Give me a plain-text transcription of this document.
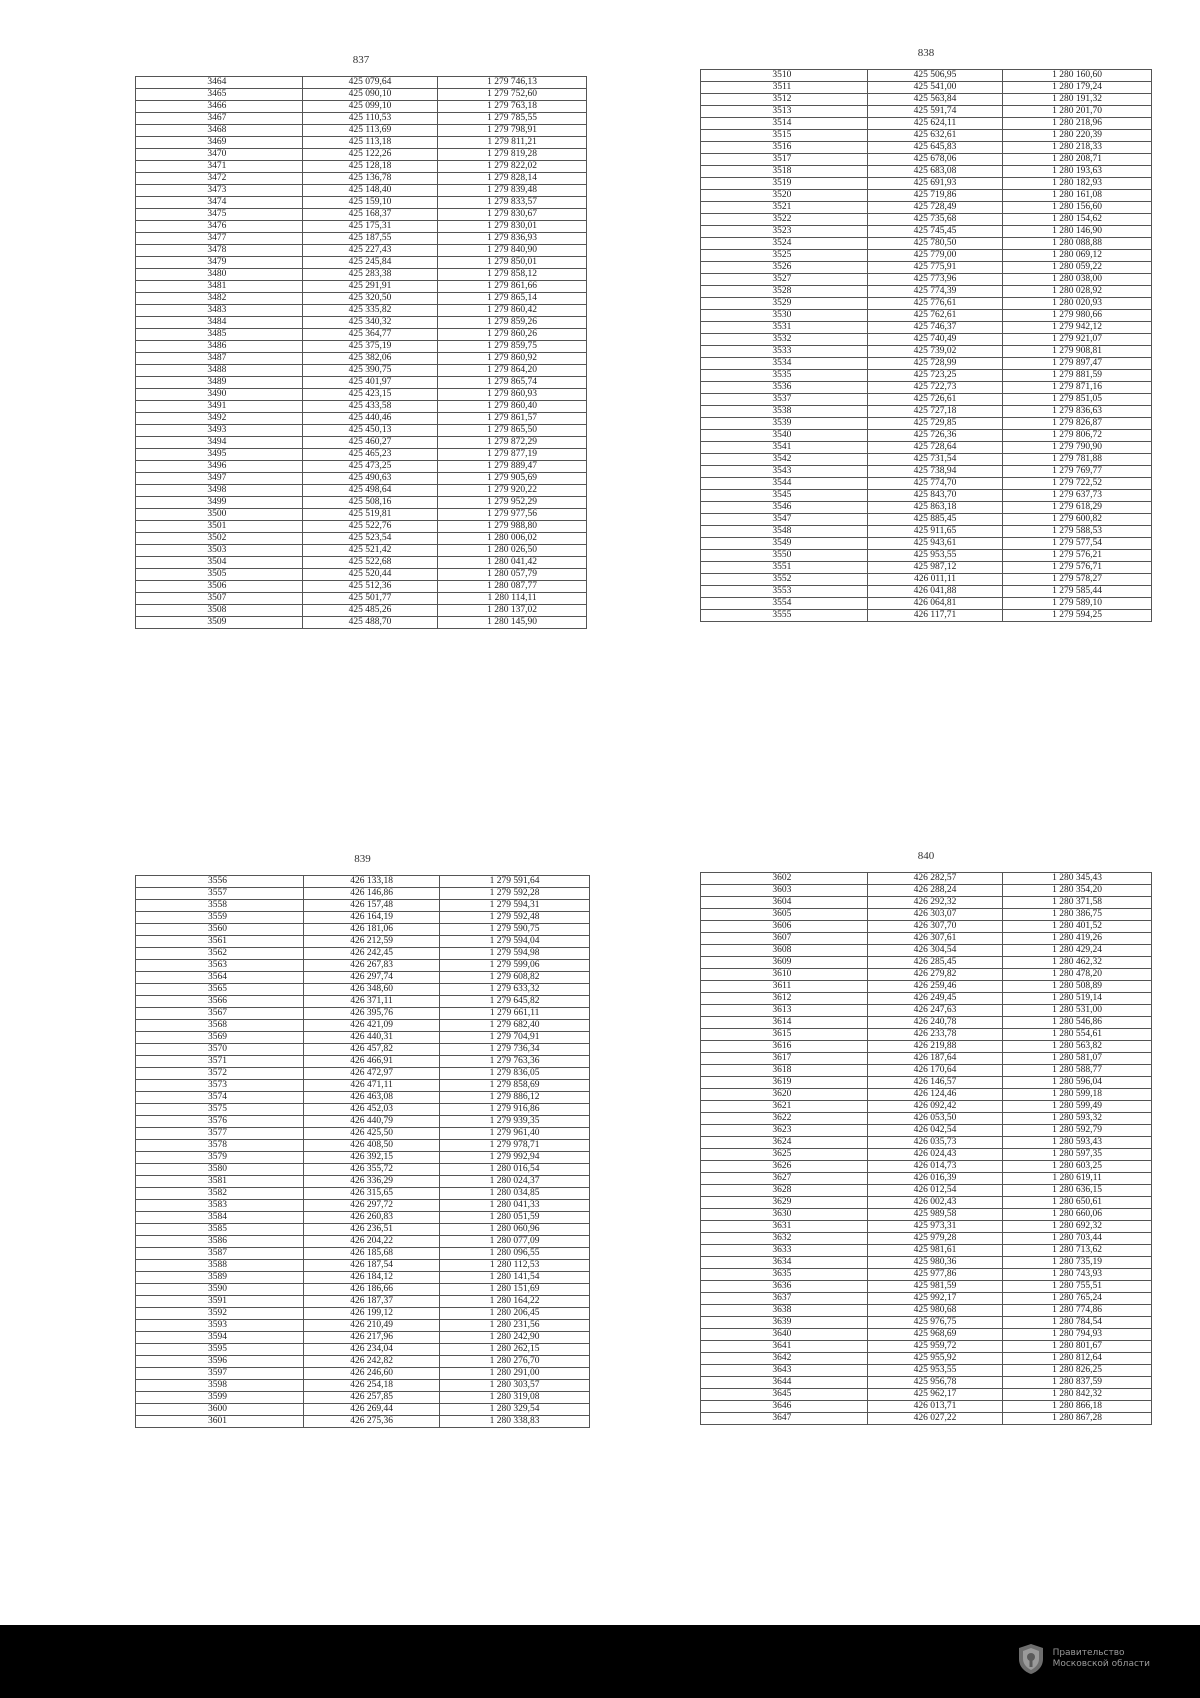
837
3464	425 079,64	1 279 746,13
3465	425 090,10	1 279 752,60
3466	425 099,10	1 279 763,18
3467	425 110,53	1 279 785,55
3468	425 113,69	1 279 798,91
3469	425 113,18	1 279 811,21
3470	425 122,26	1 279 819,28
3471	425 128,18	1 279 822,02
3472	425 136,78	1 279 828,14
3473	425 148,40	1 279 839,48
3474	425 159,10	1 279 833,57
3475	425 168,37	1 279 830,67
3476	425 175,31	1 279 830,01
3477	425 187,55	1 279 836,93
3478	425 227,43	1 279 840,90
3479	425 245,84	1 279 850,01
3480	425 283,38	1 279 858,12
3481	425 291,91	1 279 861,66
3482	425 320,50	1 279 865,14
3483	425 335,82	1 279 860,42
3484	425 340,32	1 279 859,26
3485	425 364,77	1 279 860,26
3486	425 375,19	1 279 859,75
3487	425 382,06	1 279 860,92
3488	425 390,75	1 279 864,20
3489	425 401,97	1 279 865,74
3490	425 423,15	1 279 860,93
3491	425 433,58	1 279 860,40
3492	425 440,46	1 279 861,57
3493	425 450,13	1 279 865,50
3494	425 460,27	1 279 872,29
3495	425 465,23	1 279 877,19
3496	425 473,25	1 279 889,47
3497	425 490,63	1 279 905,69
3498	425 498,64	1 279 920,22
3499	425 508,16	1 279 952,29
3500	425 519,81	1 279 977,56
3501	425 522,76	1 279 988,80
3502	425 523,54	1 280 006,02
3503	425 521,42	1 280 026,50
3504	425 522,68	1 280 041,42
3505	425 520,44	1 280 057,79
3506	425 512,36	1 280 087,77
3507	425 501,77	1 280 114,11
3508	425 485,26	1 280 137,02
3509	425 488,70	1 280 145,90
838
3510	425 506,95	1 280 160,60
3511	425 541,00	1 280 179,24
3512	425 563,84	1 280 191,32
3513	425 591,74	1 280 201,70
3514	425 624,11	1 280 218,96
3515	425 632,61	1 280 220,39
3516	425 645,83	1 280 218,33
3517	425 678,06	1 280 208,71
3518	425 683,08	1 280 193,63
3519	425 691,93	1 280 182,93
3520	425 719,86	1 280 161,08
3521	425 728,49	1 280 156,60
3522	425 735,68	1 280 154,62
3523	425 745,45	1 280 146,90
3524	425 780,50	1 280 088,88
3525	425 779,00	1 280 069,12
3526	425 775,91	1 280 059,22
3527	425 773,96	1 280 038,00
3528	425 774,39	1 280 028,92
3529	425 776,61	1 280 020,93
3530	425 762,61	1 279 980,66
3531	425 746,37	1 279 942,12
3532	425 740,49	1 279 921,07
3533	425 739,02	1 279 908,81
3534	425 728,99	1 279 897,47
3535	425 723,25	1 279 881,59
3536	425 722,73	1 279 871,16
3537	425 726,61	1 279 851,05
3538	425 727,18	1 279 836,63
3539	425 729,85	1 279 826,87
3540	425 726,36	1 279 806,72
3541	425 728,64	1 279 790,90
3542	425 731,54	1 279 781,88
3543	425 738,94	1 279 769,77
3544	425 774,70	1 279 722,52
3545	425 843,70	1 279 637,73
3546	425 863,18	1 279 618,29
3547	425 885,45	1 279 600,82
3548	425 911,65	1 279 588,53
3549	425 943,61	1 279 577,54
3550	425 953,55	1 279 576,21
3551	425 987,12	1 279 576,71
3552	426 011,11	1 279 578,27
3553	426 041,88	1 279 585,44
3554	426 064,81	1 279 589,10
3555	426 117,71	1 279 594,25
839
3556	426 133,18	1 279 591,64
3557	426 146,86	1 279 592,28
3558	426 157,48	1 279 594,31
3559	426 164,19	1 279 592,48
3560	426 181,06	1 279 590,75
3561	426 212,59	1 279 594,04
3562	426 242,45	1 279 594,98
3563	426 267,83	1 279 599,06
3564	426 297,74	1 279 608,82
3565	426 348,60	1 279 633,32
3566	426 371,11	1 279 645,82
3567	426 395,76	1 279 661,11
3568	426 421,09	1 279 682,40
3569	426 440,31	1 279 704,91
3570	426 457,82	1 279 736,34
3571	426 466,91	1 279 763,36
3572	426 472,97	1 279 836,05
3573	426 471,11	1 279 858,69
3574	426 463,08	1 279 886,12
3575	426 452,03	1 279 916,86
3576	426 440,79	1 279 939,35
3577	426 425,50	1 279 961,40
3578	426 408,50	1 279 978,71
3579	426 392,15	1 279 992,94
3580	426 355,72	1 280 016,54
3581	426 336,29	1 280 024,37
3582	426 315,65	1 280 034,85
3583	426 297,72	1 280 041,33
3584	426 260,83	1 280 051,59
3585	426 236,51	1 280 060,96
3586	426 204,22	1 280 077,09
3587	426 185,68	1 280 096,55
3588	426 187,54	1 280 112,53
3589	426 184,12	1 280 141,54
3590	426 186,66	1 280 151,69
3591	426 187,37	1 280 164,22
3592	426 199,12	1 280 206,45
3593	426 210,49	1 280 231,56
3594	426 217,96	1 280 242,90
3595	426 234,04	1 280 262,15
3596	426 242,82	1 280 276,70
3597	426 246,60	1 280 291,00
3598	426 254,18	1 280 303,57
3599	426 257,85	1 280 319,08
3600	426 269,44	1 280 329,54
3601	426 275,36	1 280 338,83
840
3602	426 282,57	1 280 345,43
3603	426 288,24	1 280 354,20
3604	426 292,32	1 280 371,58
3605	426 303,07	1 280 386,75
3606	426 307,70	1 280 401,52
3607	426 307,61	1 280 419,26
3608	426 304,54	1 280 429,24
3609	426 285,45	1 280 462,32
3610	426 279,82	1 280 478,20
3611	426 259,46	1 280 508,89
3612	426 249,45	1 280 519,14
3613	426 247,63	1 280 531,00
3614	426 240,78	1 280 546,86
3615	426 233,78	1 280 554,61
3616	426 219,88	1 280 563,82
3617	426 187,64	1 280 581,07
3618	426 170,64	1 280 588,77
3619	426 146,57	1 280 596,04
3620	426 124,46	1 280 599,18
3621	426 092,42	1 280 599,49
3622	426 053,50	1 280 593,32
3623	426 042,54	1 280 592,79
3624	426 035,73	1 280 593,43
3625	426 024,43	1 280 597,35
3626	426 014,73	1 280 603,25
3627	426 016,39	1 280 619,11
3628	426 012,54	1 280 636,15
3629	426 002,43	1 280 650,61
3630	425 989,58	1 280 660,06
3631	425 973,31	1 280 692,32
3632	425 979,28	1 280 703,44
3633	425 981,61	1 280 713,62
3634	425 980,36	1 280 735,19
3635	425 977,86	1 280 743,93
3636	425 981,59	1 280 755,51
3637	425 992,17	1 280 765,24
3638	425 980,68	1 280 774,86
3639	425 976,75	1 280 784,54
3640	425 968,69	1 280 794,93
3641	425 959,72	1 280 801,67
3642	425 955,92	1 280 812,64
3643	425 953,55	1 280 826,25
3644	425 956,78	1 280 837,59
3645	425 962,17	1 280 842,32
3646	426 013,71	1 280 866,18
3647	426 027,22	1 280 867,28
Правительство
Московской области
